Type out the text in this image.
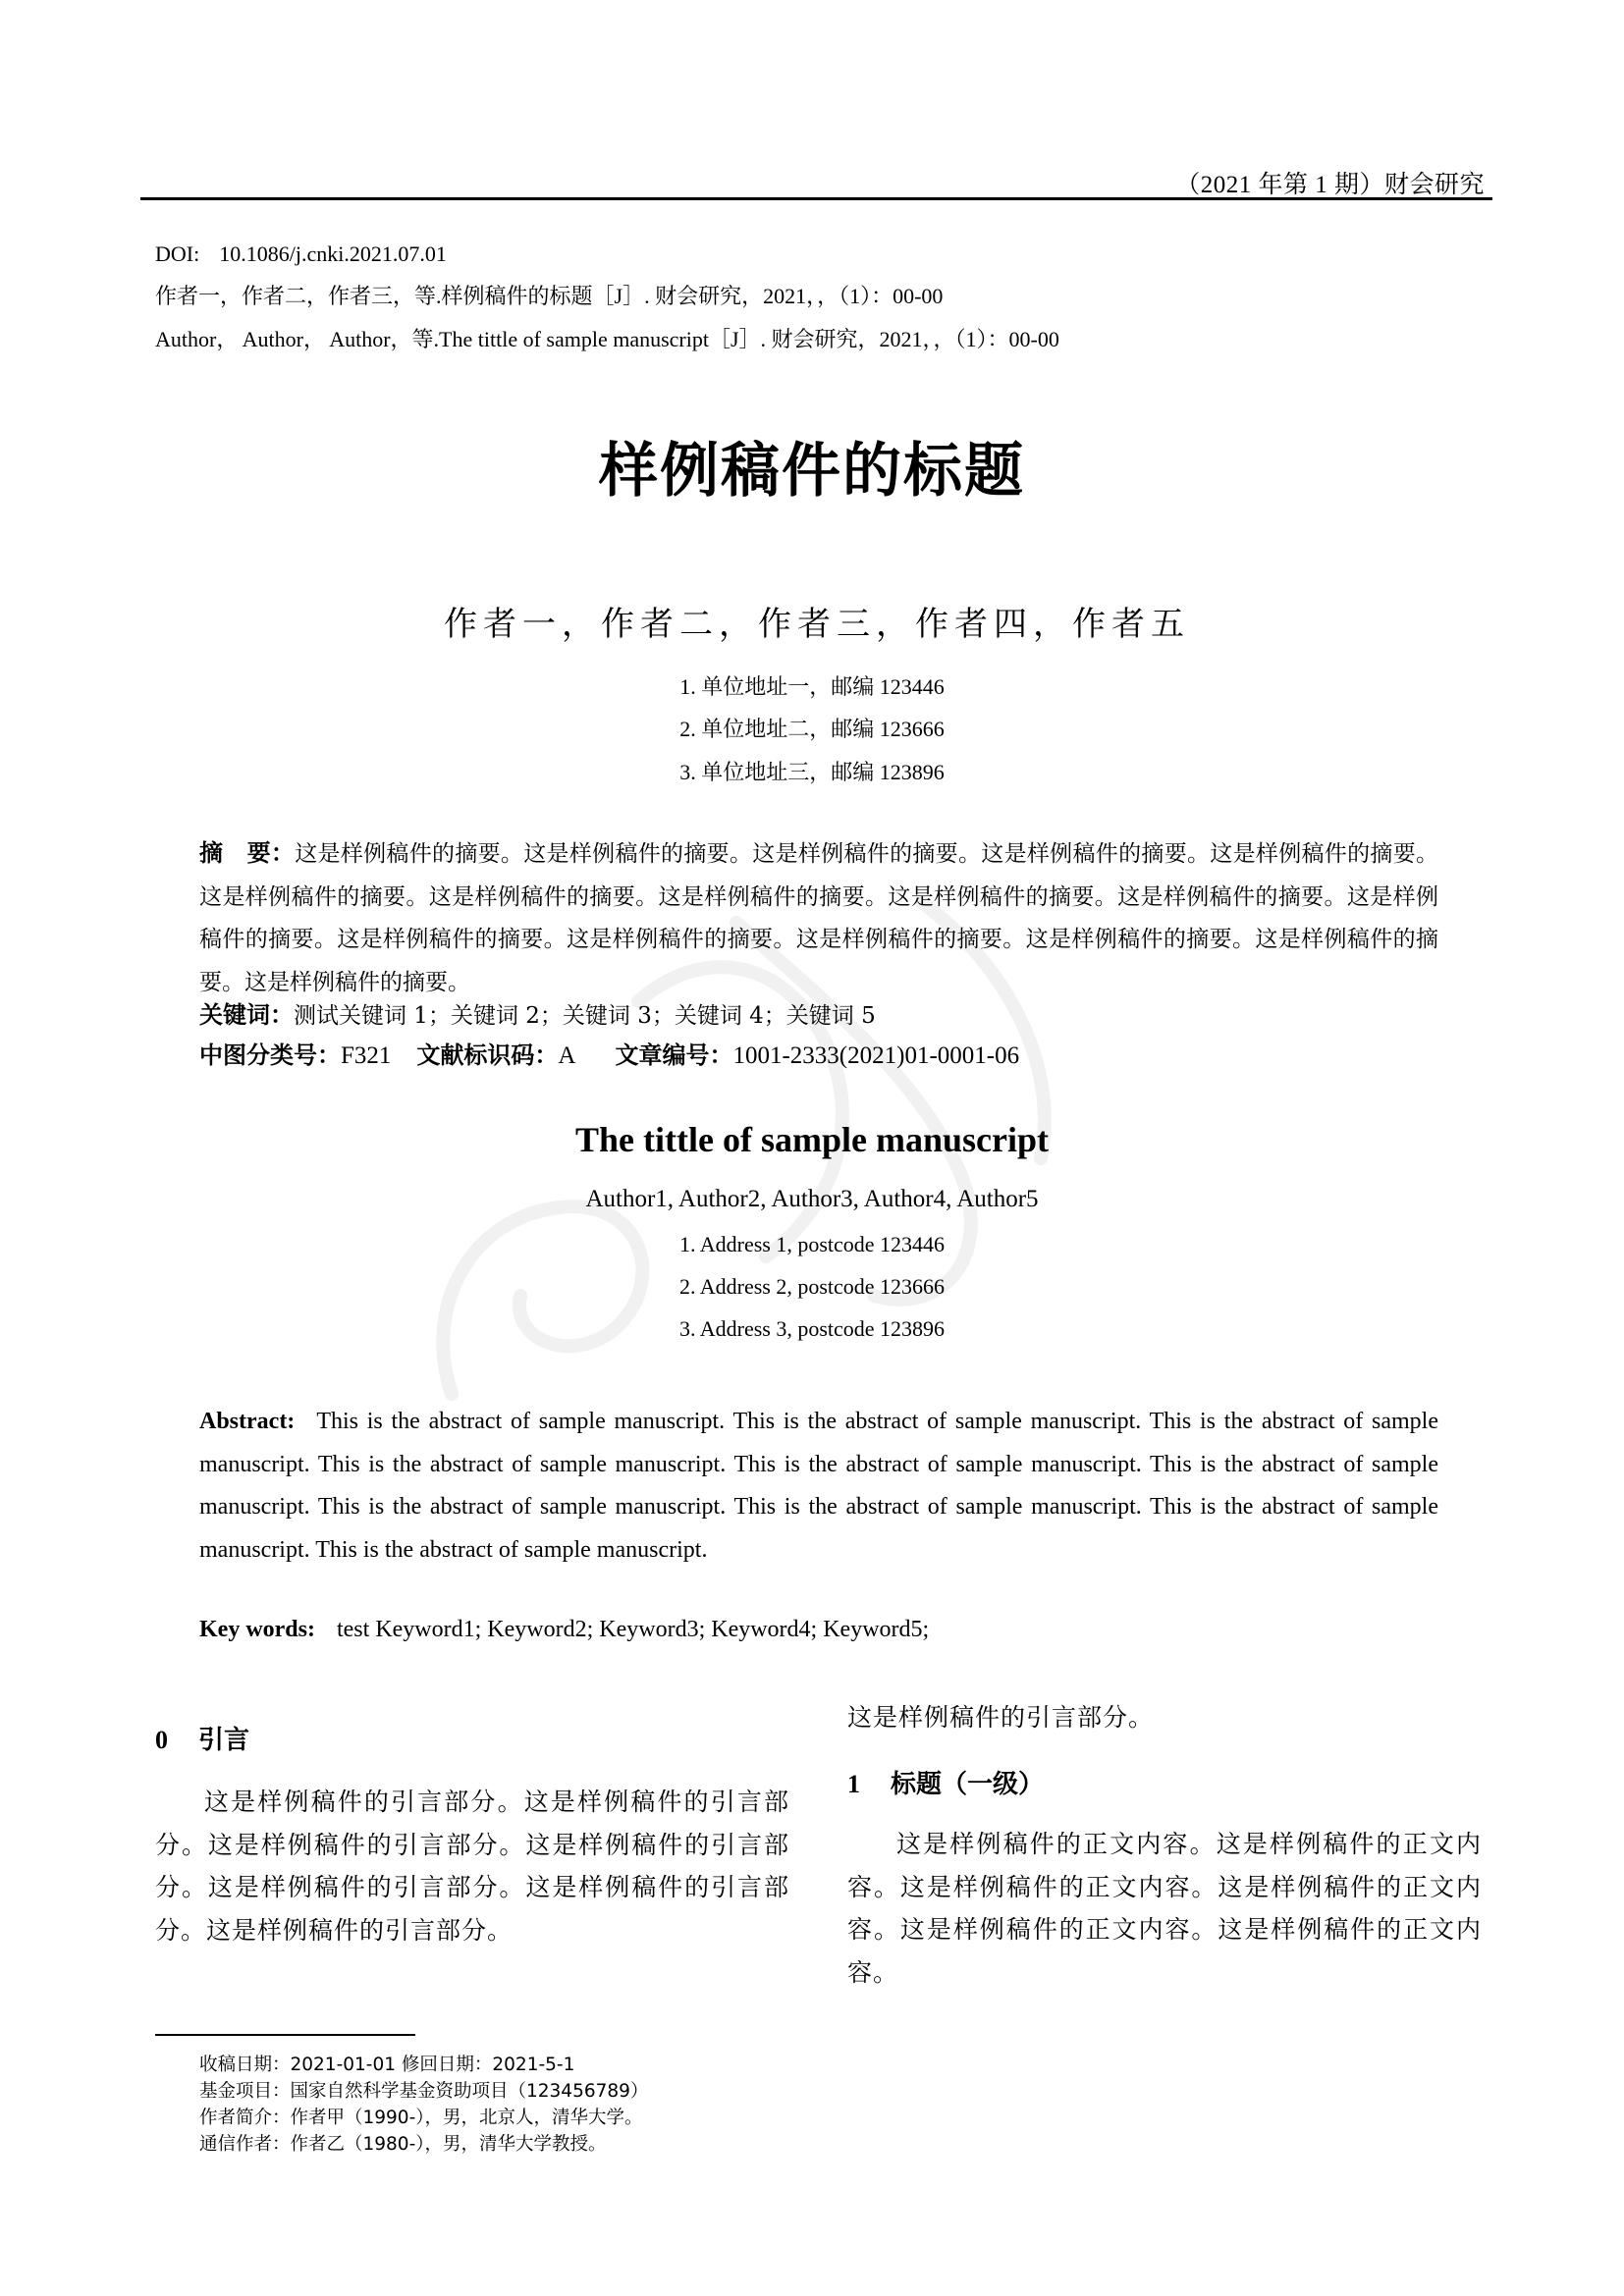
（2021 年第 1 期）财会研究
DOI: 10.1086/j.cnki.2021.07.01
作者一，作者二，作者三，等.样例稿件的标题［J］. 财会研究，2021，，（1）：00-00
Author， Author， Author，等.The tittle of sample manuscript［J］. 财会研究，2021，，（1）：00-00
样例稿件的标题
作者一，作者二，作者三，作者四，作者五
1. 单位地址一，邮编 123446
2. 单位地址二，邮编 123666
3. 单位地址三，邮编 123896
摘　要：这是样例稿件的摘要。这是样例稿件的摘要。这是样例稿件的摘要。这是样例稿件的摘要。这是样例稿件的摘要。这是样例稿件的摘要。这是样例稿件的摘要。这是样例稿件的摘要。这是样例稿件的摘要。这是样例稿件的摘要。这是样例稿件的摘要。这是样例稿件的摘要。这是样例稿件的摘要。这是样例稿件的摘要。这是样例稿件的摘要。这是样例稿件的摘要。这是样例稿件的摘要。
关键词：测试关键词 1；关键词 2；关键词 3；关键词 4；关键词 5
中图分类号：F321 文献标识码：A 文章编号：1001-2333(2021)01-0001-06
The tittle of sample manuscript
Author1, Author2, Author3, Author4, Author5
1. Address 1, postcode 123446
2. Address 2, postcode 123666
3. Address 3, postcode 123896
Abstract: This is the abstract of sample manuscript. This is the abstract of sample manuscript. This is the abstract of sample manuscript. This is the abstract of sample manuscript. This is the abstract of sample manuscript. This is the abstract of sample manuscript. This is the abstract of sample manuscript. This is the abstract of sample manuscript. This is the abstract of sample manuscript. This is the abstract of sample manuscript.
Key words: test Keyword1; Keyword2; Keyword3; Keyword4; Keyword5;
0 引言
这是样例稿件的引言部分。这是样例稿件的引言部分。这是样例稿件的引言部分。这是样例稿件的引言部分。这是样例稿件的引言部分。这是样例稿件的引言部分。这是样例稿件的引言部分。
这是样例稿件的引言部分。
1 标题（一级）
这是样例稿件的正文内容。这是样例稿件的正文内容。这是样例稿件的正文内容。这是样例稿件的正文内容。这是样例稿件的正文内容。这是样例稿件的正文内容。
收稿日期：2021-01-01 修回日期：2021-5-1
基金项目：国家自然科学基金资助项目（123456789）
作者简介：作者甲（1990-），男，北京人，清华大学。
通信作者：作者乙（1980-），男，清华大学教授。
